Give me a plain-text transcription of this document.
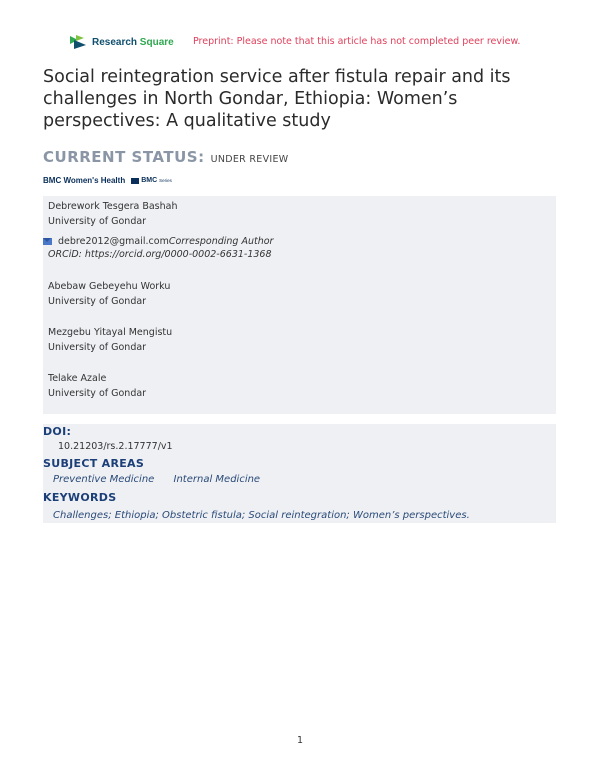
Research Square Preprint: Please note that this article has not completed peer review.
Social reintegration service after fistula repair and its challenges in North Gondar, Ethiopia: Women’s perspectives: A qualitative study
CURRENT STATUS: UNDER REVIEW
BMC Women's Health BMC Series
Debrework Tesgera Bashah
University of Gondar
debre2012@gmail.com Corresponding Author
ORCiD: https://orcid.org/0000-0002-6631-1368
Abebaw Gebeyehu Worku
University of Gondar
Mezgebu Yitayal Mengistu
University of Gondar
Telake Azale
University of Gondar
DOI:
10.21203/rs.2.17777/v1
SUBJECT AREAS
Preventive Medicine Internal Medicine
KEYWORDS
Challenges; Ethiopia; Obstetric fistula; Social reintegration; Women’s perspectives.
1
